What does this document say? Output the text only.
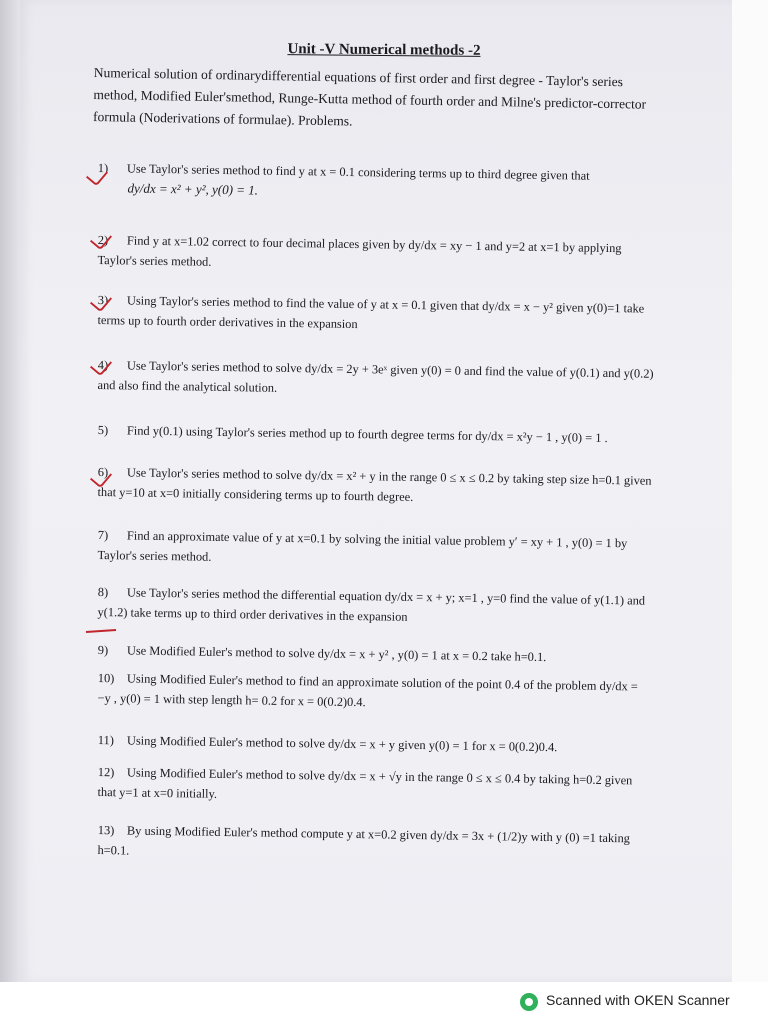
Unit -V Numerical methods -2
Numerical solution of ordinarydifferential equations of first order and first degree - Taylor's series method, Modified Euler'smethod, Runge-Kutta method of fourth order and Milne's predictor-corrector formula (Noderivations of formulae). Problems.
1) Use Taylor's series method to find y at x = 0.1 considering terms up to third degree given that
dy/dx = x² + y², y(0) = 1.
2) Find y at x=1.02 correct to four decimal places given by dy/dx = xy − 1 and y=2 at x=1 by applying Taylor's series method.
3) Using Taylor's series method to find the value of y at x = 0.1 given that dy/dx = x − y² given y(0)=1 take terms up to fourth order derivatives in the expansion
4) Use Taylor's series method to solve dy/dx = 2y + 3eˣ given y(0) = 0 and find the value of y(0.1) and y(0.2) and also find the analytical solution.
5) Find y(0.1) using Taylor's series method up to fourth degree terms for dy/dx = x²y − 1 , y(0) = 1 .
6) Use Taylor's series method to solve dy/dx = x² + y in the range 0 ≤ x ≤ 0.2 by taking step size h=0.1 given that y=10 at x=0 initially considering terms up to fourth degree.
7) Find an approximate value of y at x=0.1 by solving the initial value problem y′ = xy + 1 , y(0) = 1 by Taylor's series method.
8) Use Taylor's series method the differential equation dy/dx = x + y; x=1 , y=0 find the value of y(1.1) and y(1.2) take terms up to third order derivatives in the expansion
9) Use Modified Euler's method to solve dy/dx = x + y² , y(0) = 1 at x = 0.2 take h=0.1.
10) Using Modified Euler's method to find an approximate solution of the point 0.4 of the problem dy/dx = −y , y(0) = 1 with step length h= 0.2 for x = 0(0.2)0.4.
11) Using Modified Euler's method to solve dy/dx = x + y given y(0) = 1 for x = 0(0.2)0.4.
12) Using Modified Euler's method to solve dy/dx = x + √y in the range 0 ≤ x ≤ 0.4 by taking h=0.2 given that y=1 at x=0 initially.
13) By using Modified Euler's method compute y at x=0.2 given dy/dx = 3x + (1/2)y with y (0) =1 taking h=0.1.
Scanned with OKEN Scanner
